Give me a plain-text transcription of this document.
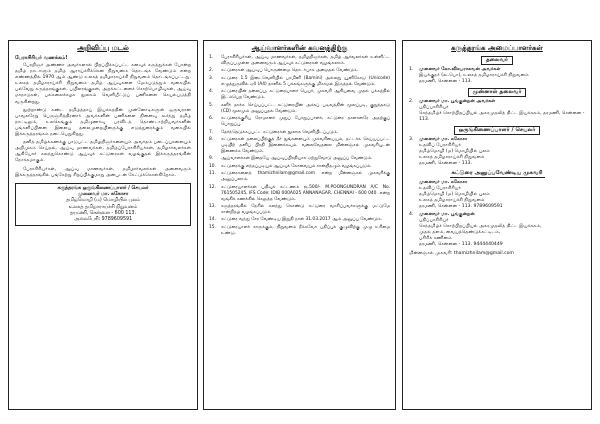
அறிவிப்பு மடல்
பேராசிரியர் வணக்கம்!

பேரறிஞர் அண்ணா அவர்களால் பிறப்பிக்கப்பட்ட கனவுக் கருத்துக்கள் போன்ற தமிழ் நாடாளும் தமிழ் ஆராய்ச்சிக்கென நிறுவனம் தொடங்க வேண்டும் என்ற எண்ணத்தில் 1970 ஆம் ஆண்டு உலகத் தமிழாராய்ச்சி நிறுவனம் தொடங்கப்பட்டது. உலகத் தமிழாராய்ச்சி நிறுவனம் தமிழ் ஆய்வுகளை மேம்படுத்தும் வகையில் பல்வேறு கருத்தரங்குகள், பயிலரங்குகள், அறக்கட்டளைச் சொற்பொழிவுகள், ஆய்வு மாநாடுகள், பல்கலைக்கழக நூலகம் வெளியீட்டுப் பணிகளை செயல்படுத்தி வருகின்றது.

நூற்றாண்டு கண்ட தமிழ்த்தாய் இயக்கத்தின் முன்னோடிகளுள் ஒருவரான பாவலரேறு பெருஞ்சித்திரனார் அவர்களின் பணிகளை நினைவு கூர்ந்து தமிழ் நாட்டிலும், உலகெங்கும் தமிழுணர்வு பரவிடத் தொண்டாற்றியவர்களின் பங்களிப்பினை இளைய தலைமுறையினருக்கு எடுத்துரைக்கும் வகையில் இக்கருத்தரங்கம் நடைபெறுகிறது.

தனித் தமிழ்க்கணக்கு பாடுபட்ட தமிழறிஞர்களையும் அவர்தம் படைப்புகளையும் அறிமுகம் செய்தல், ஆய்வு மாணவர்கள், தமிழ்ப்பேராசிரியர்கள், தமிழார்வலர்கள் ஆகியோர் கலந்துகொண்டு ஆய்வுக் கட்டுரைகள் வழங்குதல் இக்கருத்தரங்கின் நோக்கமாகும்.

பேராசிரியர்கள், ஆய்வு மாணவர்கள், தமிழார்வலர்கள் அனைவரும் இக்கருத்தரங்கில் பங்கேற்று சிறப்பிக்குமாறு அன்புடன் கேட்டுக்கொள்கிறோம்.

கருத்தரங்க ஒருங்கிணைப்பாளர் / செயலர்
முனைவர் மா. சுகோசா
தமிழ்மொழி (ம) மொழியில் புலம்
உலகத் தமிழாராய்ச்சி நிறுவனம்
தரமணி, சென்னை - 600 113.
அலைபேசி: 9789609591
ஆய்வாளர்களின் கவனத்திற்கு
1.	பேராசிரியர்கள், ஆய்வு மாணவர்கள், தமிழறிஞர்கள், தமிழ் ஆர்வலர்கள் உள்ளிட்ட விருப்பமுள்ள அனைவரும் ஆய்வுக் கட்டுரைகள் வழங்கலாம்.
2.	கட்டுரைகள் ஆய்வுப் பொருண்மை தொடர்பாக அமைதல் வேண்டும்.
3.	கட்டுரை 1.5 இடைவெளியில் பாமினி (Bamini) அல்லது யூனிகோடு (Unicode) எழுத்துருவில் ஏ4 (A4) தாளில் 5 பக்கங்களுக்கு மிகாமல் இருத்தல் வேண்டும்.
4.	கட்டுரையின் தலைப்பு, கட்டுரையாளர் பெயர், முகவரி ஆகியவை முதல் பக்கத்தில் இடம்பெற வேண்டும்.
5.	களிர் தாக்க செய்யப்பட்ட கட்டுரையின் அச்சுப் படிவத்தின் மூலப்படி, குறுந்தகடு (CD) மூலமும் அனுப்புதல் வேண்டும்.
6.	கட்டுரைக்குரிய ரோமானர் முதுப் போறுப்பாளர், கட்டுரை தாளாளரே அதற்குப் பொறுப்பு.
7.	தேர்ந்தெடுக்கப்பட்ட கட்டுரைகள் நூலாக வெளியிடப்படும்.
8.	கட்டுரைகள் தலைப்பிற்குத் தீர் நுங்களையும் முகவரியையும், தட்டச்சு செய்யப்பட்ட படியிற் தனிப் பிரதி இணைக்கவும். வலைவேதலை மின்னஞ்சல் முகவரியுடன் இணைக்க வேண்டும்.
9.	ஆய்வாளர்கள் இதையே ஆய்வுப்பிரதியாக ஏற்றுவோடு அனுப்ப வேண்டும்.
10.	கட்டுரைக்கு எந்தப்படியும் ஆய்வுக் கோவையும் சான்றிதழும் வழங்கப்படும்.
11.	கட்டுரைகளைத் thamizhnilam@gmail.com என்ற மின்னஞ்சல் முகவரிக்கு அனுப்பலாம்.
12.	கட்டுரையாளர்கள் பதிவுக் கட்டணம் ரூ.500/- M.POONGUNDRAN A/C No. 761505245, IFS Code: IDIB 000A025 ANNANAGAR, CHENNAI - 600 040. என்ற வங்கிக் கணக்கில் செலுத்த வேண்டும்.
13.	கருத்தரங்கில் நேரில் கலந்து கொண்டு கட்டுரை வாசிப்பவர்களுக்கு மட்டுமே சான்றிதழ் வழங்கப்படும்.
14.	கட்டுரை வந்து சேர வேண்டிய இறுதி நாள் 31.03.2017 ஆம் அனுப்ப வேண்டும்.
15.	கட்டுரையாளர் காருக்கும், நிறுவனம் நீக்கவோ பதிப்புக் குழுவிற்கு முழு உரிமை உண்டு.
கருத்தரங்க அமைப்பாளர்கள்
தலைவர்
1.	முனைவர் கோ.விசயராகவன் அவர்கள்
இயக்குநர் (கூ.பொ), உலகத் தமிழாராய்ச்சி நிறுவனம்
தரமணி, சென்னை - 113.
முன்னாள் தலைவர்
2.	முனைவர் மா. பூங்குன்றன் அவர்கள்
பதிப்பாசிரியர்
செந்தமிழ்ச் சொற்பிறப்பியல் அகரமுதலித் திட்ட இயக்ககம், தரமணி, சென்னை - 113.
ஒருங்கிணைப்பாளர் / செயலர்
3.	முனைவர் மா. சுகோசா
உதவிப் பேராசிரியர்
தமிழ்மொழி (ம) மொழியில் புலம்
உலகத் தமிழாராய்ச்சி நிறுவனம்
தரமணி, சென்னை - 113.
கட்டுரை அனுப்பவேண்டிய முகவரி
முனைவர் மா. சுகோசா
உதவிப் பேராசிரியர்
தமிழ்மொழி (ம) மொழியில் புலம்
உலகத் தமிழாராய்ச்சி நிறுவனம்
தரமணி, சென்னை - 113. 9789609591
4.	முனைவர் மா. பூங்குன்றன்
பதிப்பாசிரியர்
செந்தமிழ்ச் சொற்பிறப்பியல் அகரமுதலித் திட்ட இயக்ககம்,
முதல் தளம், வையத்தெண்டுக்கட்டிடம்,
பசிரிக் கணினம்
தரமணி, சென்னை - 113. 9444440449
மின்னஞ்சல் முகவரி: thamizhnilam@gmail.com
